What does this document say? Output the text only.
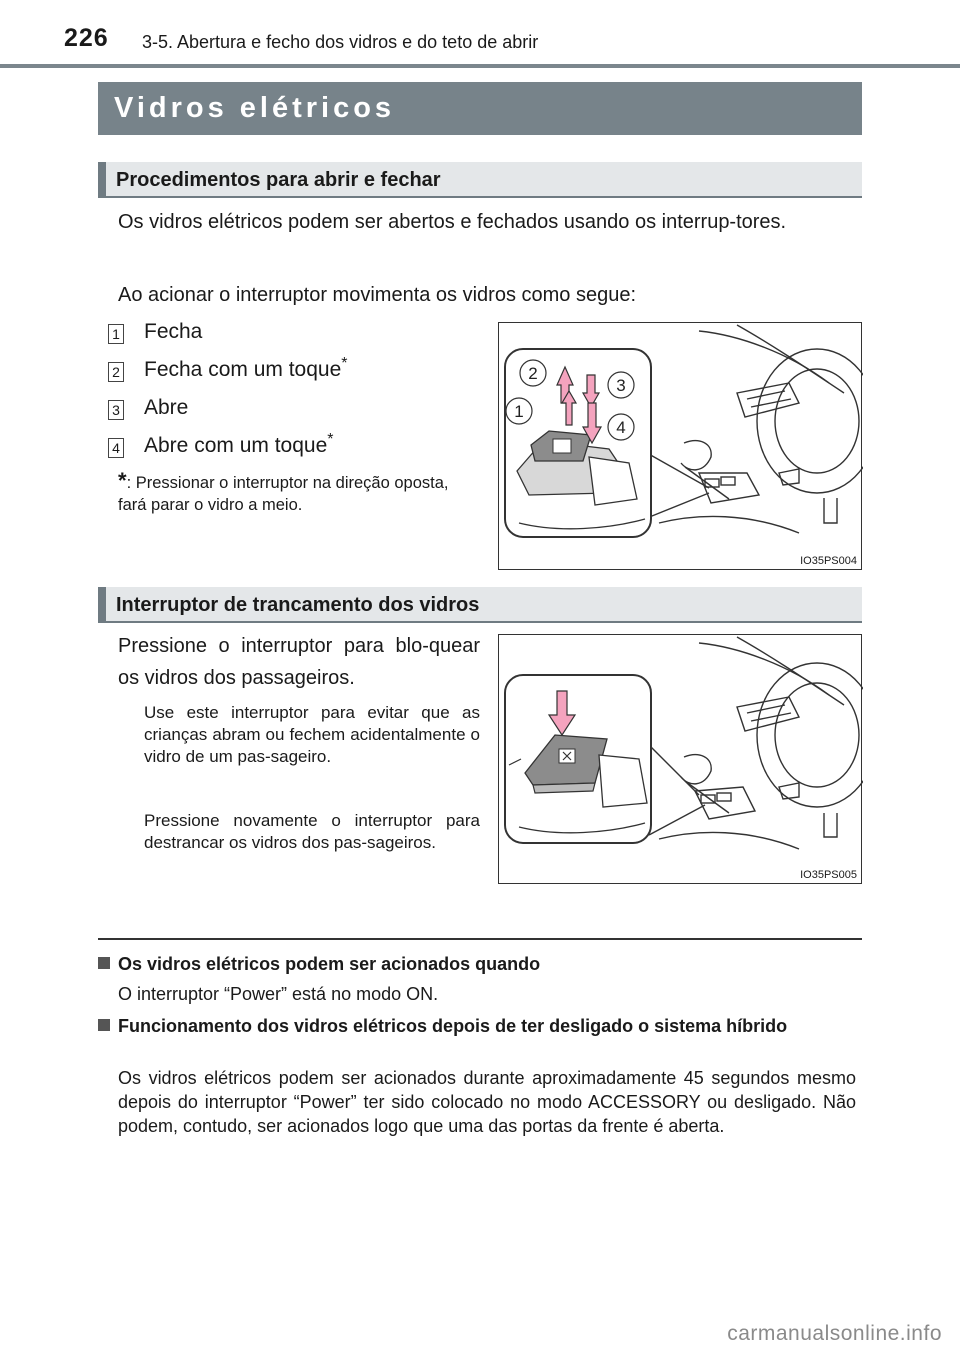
226 3-5. Abertura e fecho dos vidros e do teto de abrir
Vidros elétricos
Procedimentos para abrir e fechar
Os vidros elétricos podem ser abertos e fechados usando os interrup-tores.
Ao acionar o interruptor movimenta os vidros como segue:
1 Fecha
2 Fecha com um toque*
3 Abre
4 Abre com um toque*
*: Pressionar o interruptor na direção oposta, fará parar o vidro a meio.
2
1
3
4
IO35PS004
Interruptor de trancamento dos vidros
Pressione o interruptor para blo-quear os vidros dos passageiros.
Use este interruptor para evitar que as crianças abram ou fechem acidentalmente o vidro de um pas-sageiro.
Pressione novamente o interruptor para destrancar os vidros dos pas-sageiros.
IO35PS005
Os vidros elétricos podem ser acionados quando
O interruptor “Power” está no modo ON.
Funcionamento dos vidros elétricos depois de ter desligado o sistema híbrido
Os vidros elétricos podem ser acionados durante aproximadamente 45 segundos mesmo depois do interruptor “Power” ter sido colocado no modo ACCESSORY ou desligado. Não podem, contudo, ser acionados logo que uma das portas da frente é aberta.
carmanualsonline.info
